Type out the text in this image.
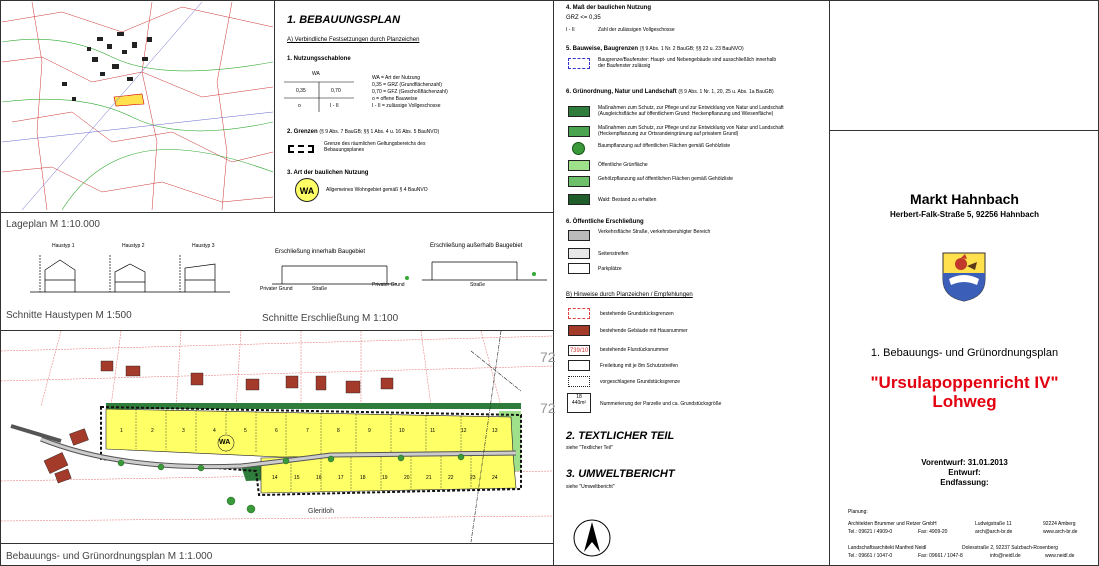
Lageplan M 1:10.000
Haustyp 1	Haustyp 2	Haustyp 3
Schnitte Haustypen M 1:500
Erschließung innerhalb Baugebiet
Erschließung außerhalb Baugebiet
Privater Grund	Straße
Privater Grund	Straße
Schnitte Erschließung M 1:100
WA
Gleritloh
72
72
Bebauungs- und Grünordnungsplan M 1:1.000
1. BEBAUUNGSPLAN
A) Verbindliche Festsetzungen durch Planzeichen
1. Nutzungsschablone
WA
0,35	0,70
o	I - II
WA = Art der Nutzung
0,35 = GRZ (Grundflächenzahl)
0,70 = GFZ (Geschoßflächenzahl)
o = offene Bauweise
I - II = zulässige Vollgeschosse
2. Grenzen (§ 9 Abs. 7 BauGB; §§ 1 Abs. 4 u. 16 Abs. 5 BauNVO)
Grenze des räumlichen Geltungsbereichs des Bebauungsplanes
3. Art der baulichen Nutzung
WA	Allgemeines Wohngebiet gemäß § 4 BauNVO
4. Maß der baulichen Nutzung
GRZ <= 0,35
I - II	Zahl der zulässigen Vollgeschosse
5. Bauweise, Baugrenzen (§ 9 Abs. 1 Nr. 2 BauGB; §§ 22 u. 23 BauNVO)
Baugrenze/Baufenster: Haupt- und Nebengebäude sind ausschließlich innerhalb der Baufenster zulässig
6. Grünordnung, Natur und Landschaft (§ 9 Abs. 1 Nr. 1, 20, 25 u. Abs. 1a BauGB)
Maßnahmen zum Schutz, zur Pflege und zur Entwicklung von Natur und Landschaft (Ausgleichsfläche auf öffentlichem Grund: Heckenpflanzung und Wiesenfläche)
Maßnahmen zum Schutz, zur Pflege und zur Entwicklung von Natur und Landschaft (Heckenpflanzung zur Ortsrandeingrünung auf privatem Grund)
Baumpflanzung auf öffentlichen Flächen gemäß Gehölzliste
Öffentliche Grünfläche
Gehölzpflanzung auf öffentlichen Flächen gemäß Gehölzliste
Wald: Bestand zu erhalten
6. Öffentliche Erschließung
Verkehrsfläche Straße, verkehrsberuhigter Bereich
Seitenstreifen
Parkplätze
B) Hinweise durch Planzeichen / Empfehlungen
bestehende Grundstücksgrenzen
bestehende Gebäude mit Hausnummer
739/10	bestehende Flurstücksnummer
Freileitung mit je 8m Schutzstreifen
vorgeschlagene Grundstücksgrenze
18
440m²	Nummerierung der Parzelle und ca. Grundstücksgröße
2. TEXTLICHER TEIL
siehe "Textlicher Teil"
3. UMWELTBERICHT
siehe "Umweltbericht"
Markt Hahnbach
Herbert-Falk-Straße 5, 92256 Hahnbach
1. Bebauungs- und Grünordnungsplan
"Ursulapoppenricht IV"
Lohweg
Vorentwurf: 31.01.2013
Entwurf:
Endfassung:
Planung:
Architekten Brummer und Retzer GmbH	Ludwigstraße 11	92224 Amberg
Tel.: 09621 / 4909-0	Fax: 4909-20	arch@arch-br.de	www.arch-br.de
Landschaftsarchitekt Manfred Neidl	Dolesstraße 2, 92237 Sulzbach-Rosenberg
Tel.: 09661 / 1047-0	Fax: 09661 / 1047-8	info@neidl.de	www.neidl.de
1	2	3	4	5	6	7	8	9	10	11	12	13
14	15	16	17	18	19	20	21	22	23	24
